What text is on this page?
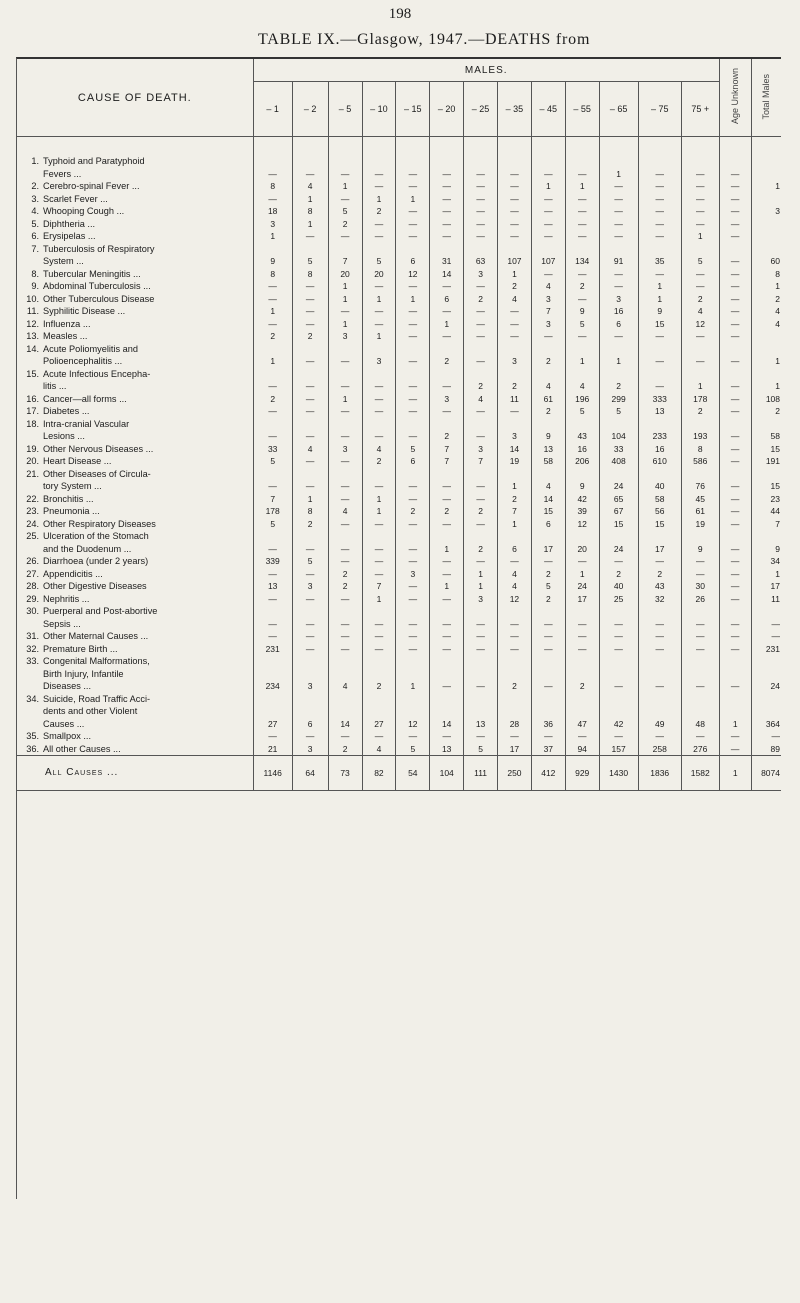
198
TABLE IX.—Glasgow, 1947.—DEATHS from
CAUSE OF DEATH.	MALES.													Age Unknown	Total Males
	– 1	– 2	– 5	– 10	– 15	– 20	– 25	– 35	– 45	– 55	– 65	– 75	75 +		

1. Typhoid and Paratyphoid															
Fevers ...	—	—	—	—	—	—	—	—	—	—	1	—	—	—	
2. Cerebro-spinal Fever ...	8	4	1	—	—	—	—	—	1	1	—	—	—	—	1
3. Scarlet Fever ...	—	1	—	1	1	—	—	—	—	—	—	—	—	—	
4. Whooping Cough ...	18	8	5	2	—	—	—	—	—	—	—	—	—	—	3
5. Diphtheria ...	3	1	2	—	—	—	—	—	—	—	—	—	—	—	
6. Erysipelas ...	1	—	—	—	—	—	—	—	—	—	—	—	1	—	
7. Tuberculosis of Respiratory															
System ...	9	5	7	5	6	31	63	107	107	134	91	35	5	—	60
8. Tubercular Meningitis ...	8	8	20	20	12	14	3	1	—	—	—	—	—	—	8
9. Abdominal Tuberculosis ...	—	—	1	—	—	—	—	2	4	2	—	1	—	—	1
10. Other Tuberculous Disease	—	—	1	1	1	6	2	4	3	—	3	1	2	—	2
11. Syphilitic Disease ...	1	—	—	—	—	—	—	—	7	9	16	9	4	—	4
12. Influenza ...	—	—	1	—	—	1	—	—	3	5	6	15	12	—	4
13. Measles ...	2	2	3	1	—	—	—	—	—	—	—	—	—	—	
14. Acute Poliomyelitis and															
Polioencephalitis ...	1	—	—	3	—	2	—	3	2	1	1	—	—	—	1
15. Acute Infectious Encepha-															
litis ...	—	—	—	—	—	—	2	2	4	4	2	—	1	—	1
16. Cancer—all forms ...	2	—	1	—	—	3	4	11	61	196	299	333	178	—	108
17. Diabetes ...	—	—	—	—	—	—	—	—	2	5	5	13	2	—	2
18. Intra-cranial Vascular															
Lesions ...	—	—	—	—	—	2	—	3	9	43	104	233	193	—	58
19. Other Nervous Diseases ...	33	4	3	4	5	7	3	14	13	16	33	16	8	—	15
20. Heart Disease ...	5	—	—	2	6	7	7	19	58	206	408	610	586	—	191
21. Other Diseases of Circula-															
tory System ...	—	—	—	—	—	—	—	1	4	9	24	40	76	—	15
22. Bronchitis ...	7	1	—	1	—	—	—	2	14	42	65	58	45	—	23
23. Pneumonia ...	178	8	4	1	2	2	2	7	15	39	67	56	61	—	44
24. Other Respiratory Diseases	5	2	—	—	—	—	—	1	6	12	15	15	19	—	7
25. Ulceration of the Stomach															
and the Duodenum ...	—	—	—	—	—	1	2	6	17	20	24	17	9	—	9
26. Diarrhoea (under 2 years)	339	5	—	—	—	—	—	—	—	—	—	—	—	—	34
27. Appendicitis ...	—	—	2	—	3	—	1	4	2	1	2	2	—	—	1
28. Other Digestive Diseases	13	3	2	7	—	1	1	4	5	24	40	43	30	—	17
29. Nephritis ...	—	—	—	1	—	—	3	12	2	17	25	32	26	—	11
30. Puerperal and Post-abortive															
Sepsis ...	—	—	—	—	—	—	—	—	—	—	—	—	—	—	—
31. Other Maternal Causes ...	—	—	—	—	—	—	—	—	—	—	—	—	—	—	—
32. Premature Birth ...	231	—	—	—	—	—	—	—	—	—	—	—	—	—	231
33. Congenital Malformations,															
Birth Injury, Infantile															
Diseases ...	234	3	4	2	1	—	—	2	—	2	—	—	—	—	24
34. Suicide, Road Traffic Acci-															
dents and other Violent															
Causes ...	27	6	14	27	12	14	13	28	36	47	42	49	48	1	364
35. Smallpox ...	—	—	—	—	—	—	—	—	—	—	—	—	—	—	—
36. All other Causes ...	21	3	2	4	5	13	5	17	37	94	157	258	276	—	89
All Causes ...	1146	64	73	82	54	104	111	250	412	929	1430	1836	1582	1	8074
